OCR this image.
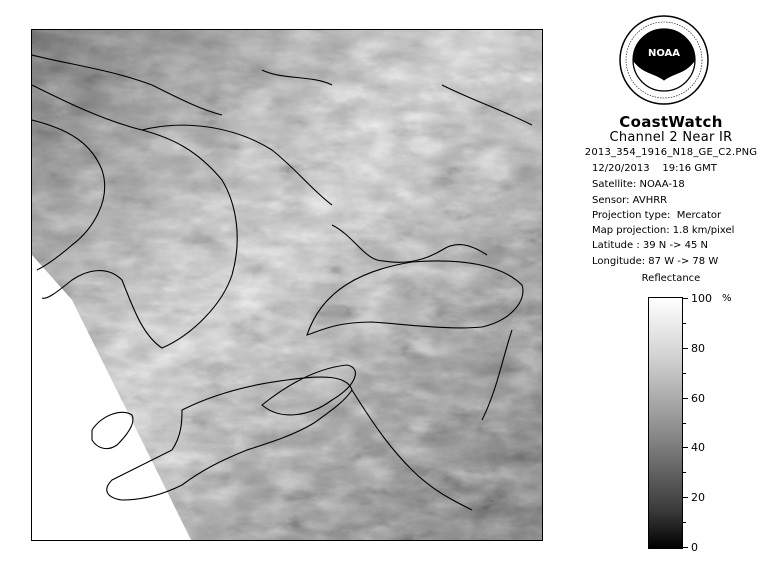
NOAA
CoastWatch
Channel 2 Near IR
2013_354_1916_N18_GE_C2.PNG
12/20/2013    19:16 GMT
Satellite: NOAA-18
Sensor: AVHRR
Projection type:  Mercator
Map projection: 1.8 km/pixel
Latitude : 39 N -> 45 N
Longitude: 87 W -> 78 W
Reflectance
%
100
80
60
40
20
0
